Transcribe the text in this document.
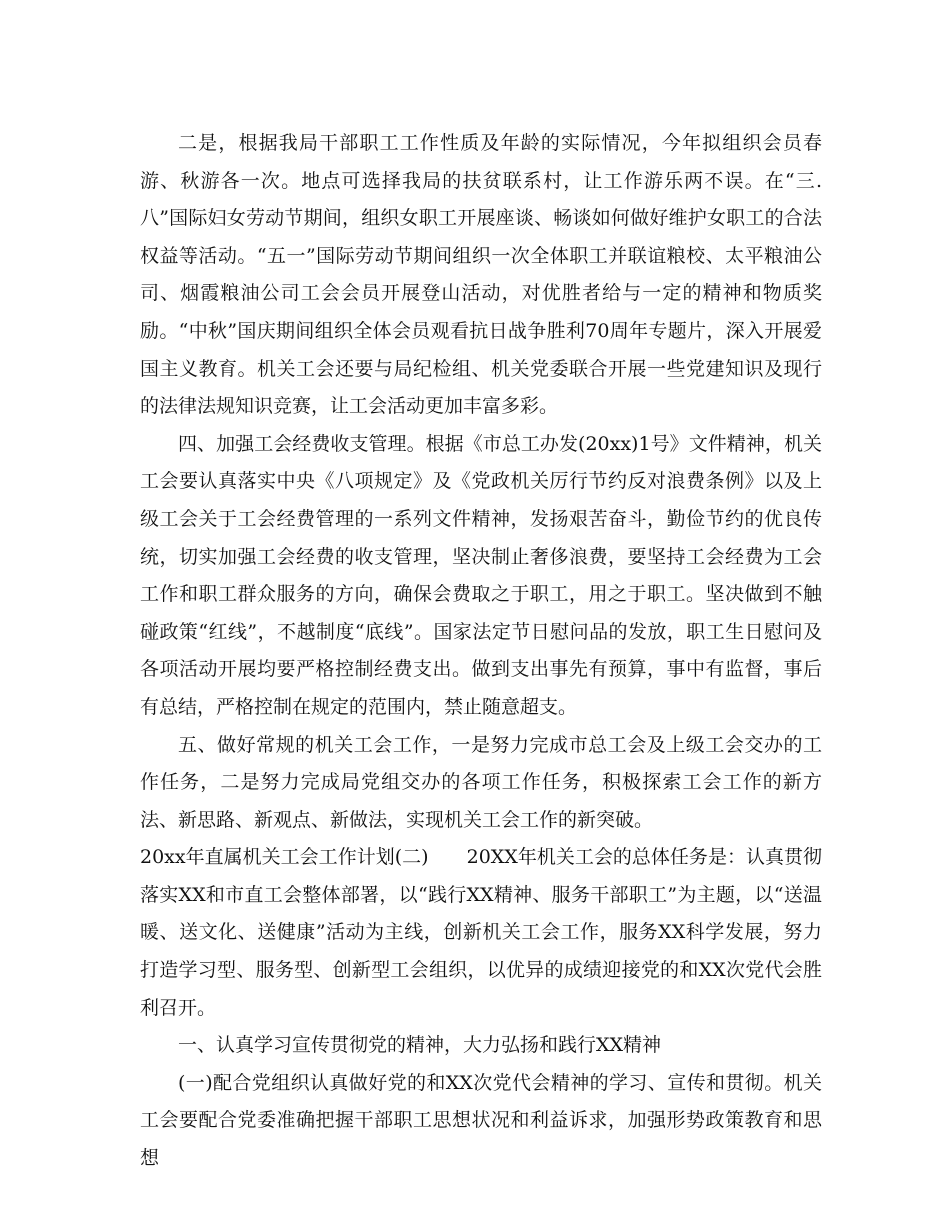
二是，根据我局干部职工工作性质及年龄的实际情况，今年拟组织会员春游、秋游各一次。地点可选择我局的扶贫联系村，让工作游乐两不误。在“三.八”国际妇女劳动节期间，组织女职工开展座谈、畅谈如何做好维护女职工的合法权益等活动。“五一”国际劳动节期间组织一次全体职工并联谊粮校、太平粮油公司、烟霞粮油公司工会会员开展登山活动，对优胜者给与一定的精神和物质奖励。“中秋”国庆期间组织全体会员观看抗日战争胜利70周年专题片，深入开展爱国主义教育。机关工会还要与局纪检组、机关党委联合开展一些党建知识及现行的法律法规知识竞赛，让工会活动更加丰富多彩。

四、加强工会经费收支管理。根据《市总工办发(20xx)1号》文件精神，机关工会要认真落实中央《八项规定》及《党政机关厉行节约反对浪费条例》以及上级工会关于工会经费管理的一系列文件精神，发扬艰苦奋斗，勤俭节约的优良传统，切实加强工会经费的收支管理，坚决制止奢侈浪费，要坚持工会经费为工会工作和职工群众服务的方向，确保会费取之于职工，用之于职工。坚决做到不触碰政策“红线”，不越制度“底线”。国家法定节日慰问品的发放，职工生日慰问及各项活动开展均要严格控制经费支出。做到支出事先有预算，事中有监督，事后有总结，严格控制在规定的范围内，禁止随意超支。

五、做好常规的机关工会工作，一是努力完成市总工会及上级工会交办的工作任务，二是努力完成局党组交办的各项工作任务，积极探索工会工作的新方法、新思路、新观点、新做法，实现机关工会工作的新突破。

20xx年直属机关工会工作计划(二)　　20XX年机关工会的总体任务是：认真贯彻落实XX和市直工会整体部署，以“践行XX精神、服务干部职工”为主题，以“送温暖、送文化、送健康”活动为主线，创新机关工会工作，服务XX科学发展，努力打造学习型、服务型、创新型工会组织，以优异的成绩迎接党的和XX次党代会胜利召开。

一、认真学习宣传贯彻党的精神，大力弘扬和践行XX精神

(一)配合党组织认真做好党的和XX次党代会精神的学习、宣传和贯彻。机关工会要配合党委准确把握干部职工思想状况和利益诉求，加强形势政策教育和思想
